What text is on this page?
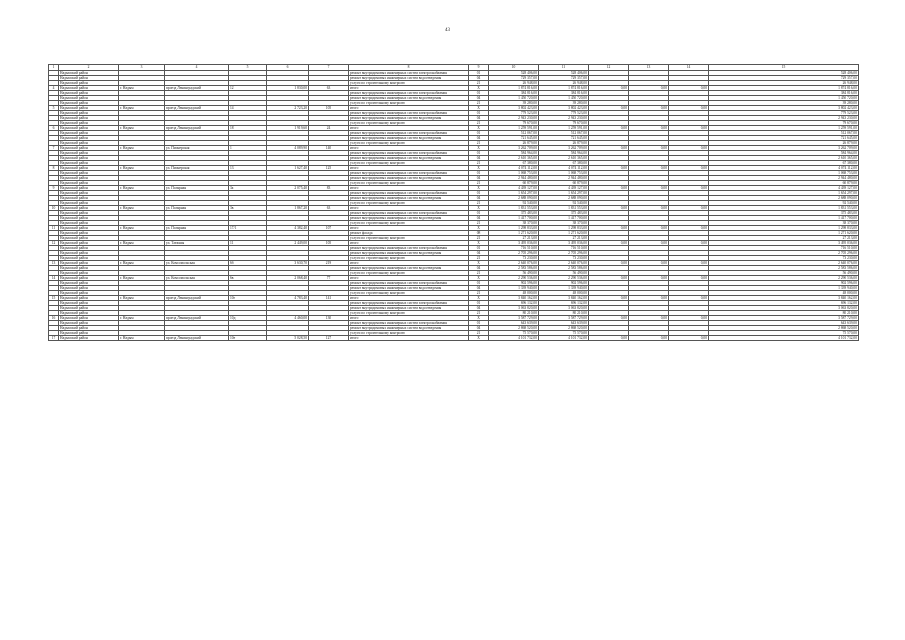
43
1	2	3	4	5	6	7	8	9	10	11	12	13	14	15
	Надымский район						ремонт внутридомовых инженерных систем электроснабжения	01	528 406,00	528 406,00				528 406,00
	Надымский район						ремонт внутридомовых инженерных систем водоотведения	04	729 357,00	729 357,00				729 357,00
	Надымский район						услуги по строительному контролю	21	26 948,00	26 948,00				26 948,00
4	Надымский район	г. Надым	проезд Ленинградский	12	1 830,00	63	итого	Х	1 874 816,00	1 874 816,00	0,00	0,00	0,00	1 874 816,00
	Надымский район						ремонт внутридомовых инженерных систем электроснабжения	01	384 816,00	384 816,00				384 816,00
	Надымский район						ремонт внутридомовых инженерных систем водоотведения	04	1 450 720,00	1 450 720,00				1 450 720,00
	Надымский район						услуги по строительному контролю	21	39 280,00	39 280,00				39 280,00
5	Надымский район	г. Надым	проезд Ленинградский	14	2 723,20	105	итого	Х	3 802 423,00	3 802 423,00	0,00	0,00	0,00	3 802 423,00
	Надымский район						ремонт внутридомовых инженерных систем электроснабжения	01	779 523,00	779 523,00				779 523,00
	Надымский район						ремонт внутридомовых инженерных систем водоотведения	04	2 943 230,00	2 943 230,00				2 943 230,00
	Надымский район						услуги по строительному контролю	21	79 670,00	79 670,00				79 670,00
6	Надымский район	г. Надым	проезд Ленинградский	18	1 919,60	24	итого	Х	1 259 591,00	1 259 591,00	0,00	0,00	0,00	1 259 591,00
	Надымский район						ремонт внутридомовых инженерных систем электроснабжения	01	512 067,00	512 067,00				512 067,00
	Надымский район						ремонт внутридомовых инженерных систем водоотведения	04	721 645,00	721 645,00				721 645,00
	Надымский район						услуги по строительному контролю	21	26 879,00	26 879,00				26 879,00
7	Надымский район	г. Надым	ул. Пионерская	1	4 089,90	140	итого	Х	3 262 709,00	3 262 709,00	0,00	0,00	0,00	3 262 709,00
	Надымский район						ремонт внутридомовых инженерных систем электроснабжения	01	584 964,00	584 964,00				584 964,00
	Надымский район						ремонт внутридомовых инженерных систем водоотведения	04	2 610 365,00	2 610 365,00				2 610 365,00
	Надымский район						услуги по строительному контролю	21	67 380,00	67 380,00				67 380,00
8	Надымский район	г. Надым	ул. Пионерская	13	1 627,40	125	итого	Х	4 074 112,00	4 074 112,00	0,00	0,00	0,00	4 074 112,00
	Надымский район						ремонт внутридомовых инженерных систем электроснабжения	01	1 068 753,00	1 068 753,00				1 068 753,00
	Надымский район						ремонт внутридомовых инженерных систем водоотведения	04	2 944 480,00	2 944 480,00				2 944 480,00
	Надымский район						услуги по строительному контролю	21	60 879,00	60 879,00				60 879,00
9	Надымский район	г. Надым	ул. Полярная	3а	2 075,40	83	итого	Х	4 439 127,00	4 439 127,00	0,00	0,00	0,00	4 439 127,00
	Надымский район						ремонт внутридомовых инженерных систем электроснабжения	01	1 654 297,00	1 654 297,00				1 654 297,00
	Надымский район						ремонт внутридомовых инженерных систем водоотведения	04	2 688 090,00	2 688 090,00				2 688 090,00
	Надымский район						услуги по строительному контролю	21	92 540,00	92 540,00				92 540,00
10	Надымский район	г. Надым	ул. Полярная	3в	1 867,20	63	итого	Х	1 831 553,00	1 831 553,00	0,00	0,00	0,00	1 831 553,00
	Надымский район						ремонт внутридомовых инженерных систем электроснабжения	01	375 483,00	375 483,00				375 483,00
	Надымский район						ремонт внутридомовых инженерных систем водоотведения	04	1 417 700,00	1 417 700,00				1 417 700,00
	Надымский район						услуги по строительному контролю	21	38 370,00	38 370,00				38 370,00
11	Надымский район	г. Надым	ул. Полярная	17/1	4 382,40	107	итого	Х	1 298 833,00	1 298 833,00	0,00	0,00	0,00	1 298 833,00
	Надымский район						ремонт фасада	08	1 271 620,00	1 271 620,00				1 271 620,00
	Надымский район						услуги по строительному контролю	21	27 213,00	27 213,00				27 213,00
12	Надымский район	г. Надым	ул. Таежная	11	2 449,00	105	итого	Х	3 495 036,00	3 495 036,00	0,00	0,00	0,00	3 495 036,00
	Надымский район						ремонт внутридомовых инженерных систем электроснабжения	01	716 510,00	716 510,00				716 510,00
	Надымский район						ремонт внутридомовых инженерных систем водоотведения	04	2 705 296,00	2 705 296,00				2 705 296,00
	Надымский район						услуги по строительному контролю	21	73 230,00	73 230,00				73 230,00
13	Надымский район	г. Надым	ул. Комсомольская	6б	3 630,70	219	итого	Х	2 640 076,00	2 640 076,00	0,00	0,00	0,00	2 640 076,00
	Надымский район						ремонт внутридомовых инженерных систем водоотведения	04	2 583 586,00	2 583 586,00				2 583 586,00
	Надымский район						услуги по строительному контролю	21	56 490,00	56 490,00				56 490,00
14	Надымский район	г. Надым	ул. Комсомольская	6в	2 068,40	77	итого	Х	2 290 536,00	2 290 536,00	0,00	0,00	0,00	2 290 536,00
	Надымский район						ремонт внутридомовых инженерных систем электроснабжения	01	902 596,00	902 596,00				902 596,00
	Надымский район						ремонт внутридомовых инженерных систем водоотведения	04	1 339 940,00	1 339 940,00				1 339 940,00
	Надымский район						услуги по строительному контролю	21	48 000,00	48 000,00				48 000,00
15	Надымский район	г. Надым	проезд Ленинградский	10г	4 783,40	141	итого	Х	3 840 162,00	3 840 162,00	0,00	0,00	0,00	3 840 162,00
	Надымский район						ремонт внутридомовых инженерных систем электроснабжения	01	696 132,00	696 132,00				696 132,00
	Надымский район						ремонт внутридомовых инженерных систем водоотведения	04	3 063 820,00	3 063 820,00				3 063 820,00
	Надымский район						услуги по строительному контролю	21	80 210,00	80 210,00				80 210,00
16	Надымский район	г. Надым	проезд Ленинградский	10д	4 460,00	130	итого	Х	3 587 729,00	3 587 729,00	0,00	0,00	0,00	3 587 729,00
	Надымский район						ремонт внутридомовых инженерных систем электроснабжения	01	643 639,00	643 639,00				643 639,00
	Надымский район						ремонт внутридомовых инженерных систем водоотведения	04	2 868 520,00	2 868 520,00				2 868 520,00
	Надымский район						услуги по строительному контролю	21	75 570,00	75 570,00				75 570,00
17	Надымский район	г. Надым	проезд Ленинградский	10е	5 028,50	127	итого	Х	4 101 732,00	4 101 732,00	0,00	0,00	0,00	4 101 732,00
